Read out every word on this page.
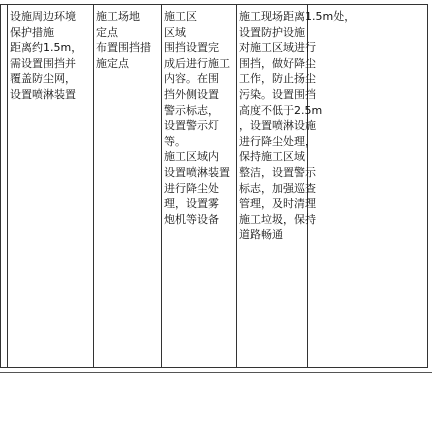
设施周边环境
保护措施
距离约1.5m，
需设置围挡并
覆盖防尘网，
设置喷淋装置
施工场地
定点
布置围挡措
施定点
施工区
区域
围挡设置完
成后进行施工
内容。在围
挡外侧设置
警示标志，
设置警示灯
等。
施工区域内
设置喷淋装置
进行降尘处
理，设置雾
炮机等设备
施工现场距离1.5m处，
设置防护设施
对施工区域进行
围挡，做好降尘
工作，防止扬尘
污染。设置围挡
高度不低于2.5m
，设置喷淋设施
进行降尘处理，
保持施工区域
整洁，设置警示
标志，加强巡查
管理，及时清理
施工垃圾，保持
道路畅通
